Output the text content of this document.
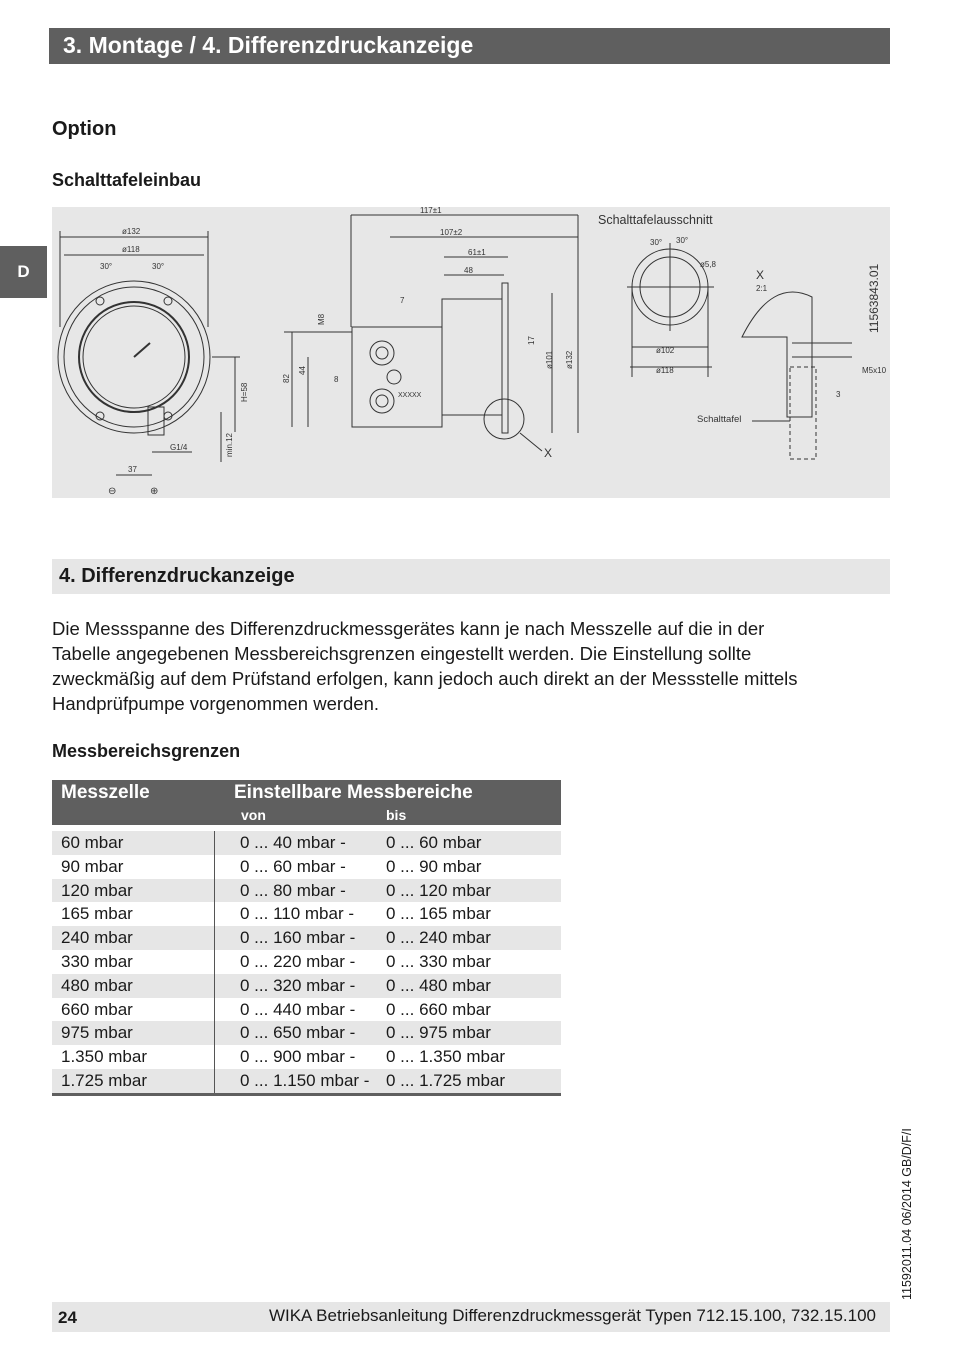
3. Montage / 4. Differenzdruckanzeige
D
Option
Schalttafeleinbau
ø132
ø118
30°	30°
H=58
min.12
G1/4
37
⊖	⊕
117±1
107±2
61±1
48
7
M8
82
44
8
17
ø101 ø132
XXXXX
X
30° 30°
ø5,8
ø102
ø118
X
2:1
M5x10
3
Schalttafelausschnitt
Schalttafel
11563843.01
4. Differenzdruckanzeige
Die Messspanne des Differenzdruckmessgerätes kann je nach Messzelle auf die in der
Tabelle angegebenen Messbereichsgrenzen eingestellt werden. Die Einstellung sollte
zweckmäßig auf dem Prüfstand erfolgen, kann jedoch auch direkt an der Messstelle mittels
Handprüfpumpe vorgenommen werden.
Messbereichsgrenzen
Messzelle	Einstellbare Messbereiche
von	bis
60 mbar	0 ... 40 mbar - 0 ... 60 mbar
90 mbar	0 ... 60 mbar - 0 ... 90 mbar
120 mbar	0 ... 80 mbar - 0 ... 120 mbar
165 mbar	0 ... 110 mbar - 0 ... 165 mbar
240 mbar	0 ... 160 mbar - 0 ... 240 mbar
330 mbar	0 ... 220 mbar - 0 ... 330 mbar
480 mbar	0 ... 320 mbar - 0 ... 480 mbar
660 mbar	0 ... 440 mbar - 0 ... 660 mbar
975 mbar	0 ... 650 mbar - 0 ... 975 mbar
1.350 mbar	0 ... 900 mbar - 0 ... 1.350 mbar
1.725 mbar	0 ... 1.150 mbar - 0 ... 1.725 mbar
11592011.04 06/2014 GB/D/F/I
24	WIKA Betriebsanleitung Differenzdruckmessgerät Typen 712.15.100, 732.15.100
